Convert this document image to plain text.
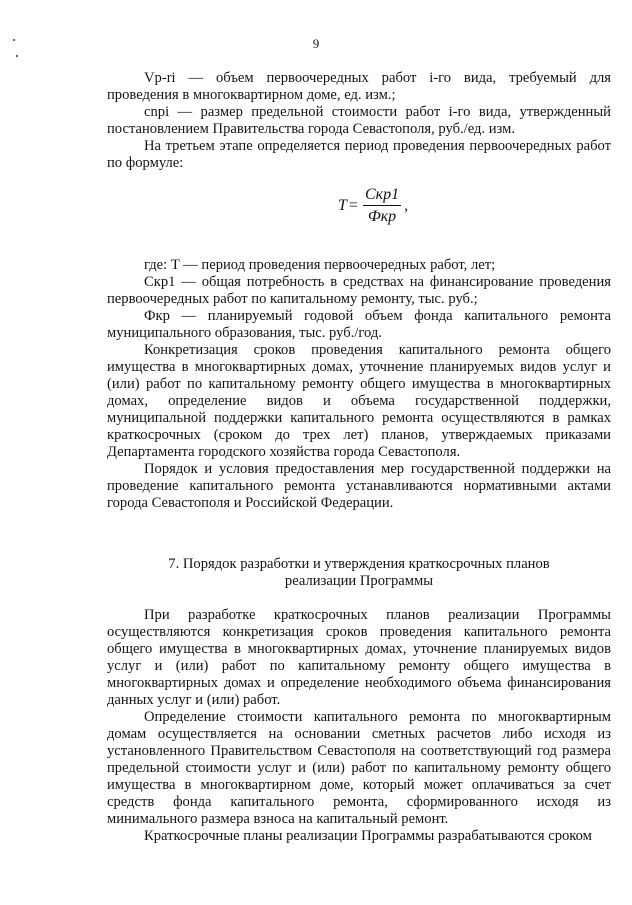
9

Vp-ri — объем первоочередных работ i-го вида, требуемый для проведения в многоквартирном доме, ед. изм.;

сnpi — размер предельной стоимости работ i-го вида, утвержденный постановлением Правительства города Севастополя, руб./ед. изм.

На третьем этапе определяется период проведения первоочередных работ по формуле:

$T = \frac{\text{Скр1}}{\text{Фкр}}$ ,

где: T — период проведения первоочередных работ, лет;

Скр1 — общая потребность в средствах на финансирование проведения первоочередных работ по капитальному ремонту, тыс. руб.;

Фкр — планируемый годовой объем фонда капитального ремонта муниципального образования, тыс. руб./год.

Конкретизация сроков проведения капитального ремонта общего имущества в многоквартирных домах, уточнение планируемых видов услуг и (или) работ по капитальному ремонту общего имущества в многоквартирных домах, определение видов и объема государственной поддержки, муниципальной поддержки капитального ремонта осуществляются в рамках краткосрочных (сроком до трех лет) планов, утверждаемых приказами Департамента городского хозяйства города Севастополя.

Порядок и условия предоставления мер государственной поддержки на проведение капитального ремонта устанавливаются нормативными актами города Севастополя и Российской Федерации.

7. Порядок разработки и утверждения краткосрочных планов
реализации Программы

При разработке краткосрочных планов реализации Программы осуществляются конкретизация сроков проведения капитального ремонта общего имущества в многоквартирных домах, уточнение планируемых видов услуг и (или) работ по капитальному ремонту общего имущества в многоквартирных домах и определение необходимого объема финансирования данных услуг и (или) работ.

Определение стоимости капитального ремонта по многоквартирным домам осуществляется на основании сметных расчетов либо исходя из установленного Правительством Севастополя на соответствующий год размера предельной стоимости услуг и (или) работ по капитальному ремонту общего имущества в многоквартирном доме, который может оплачиваться за счет средств фонда капитального ремонта, сформированного исходя из минимального размера взноса на капитальный ремонт.

Краткосрочные планы реализации Программы разрабатываются сроком
